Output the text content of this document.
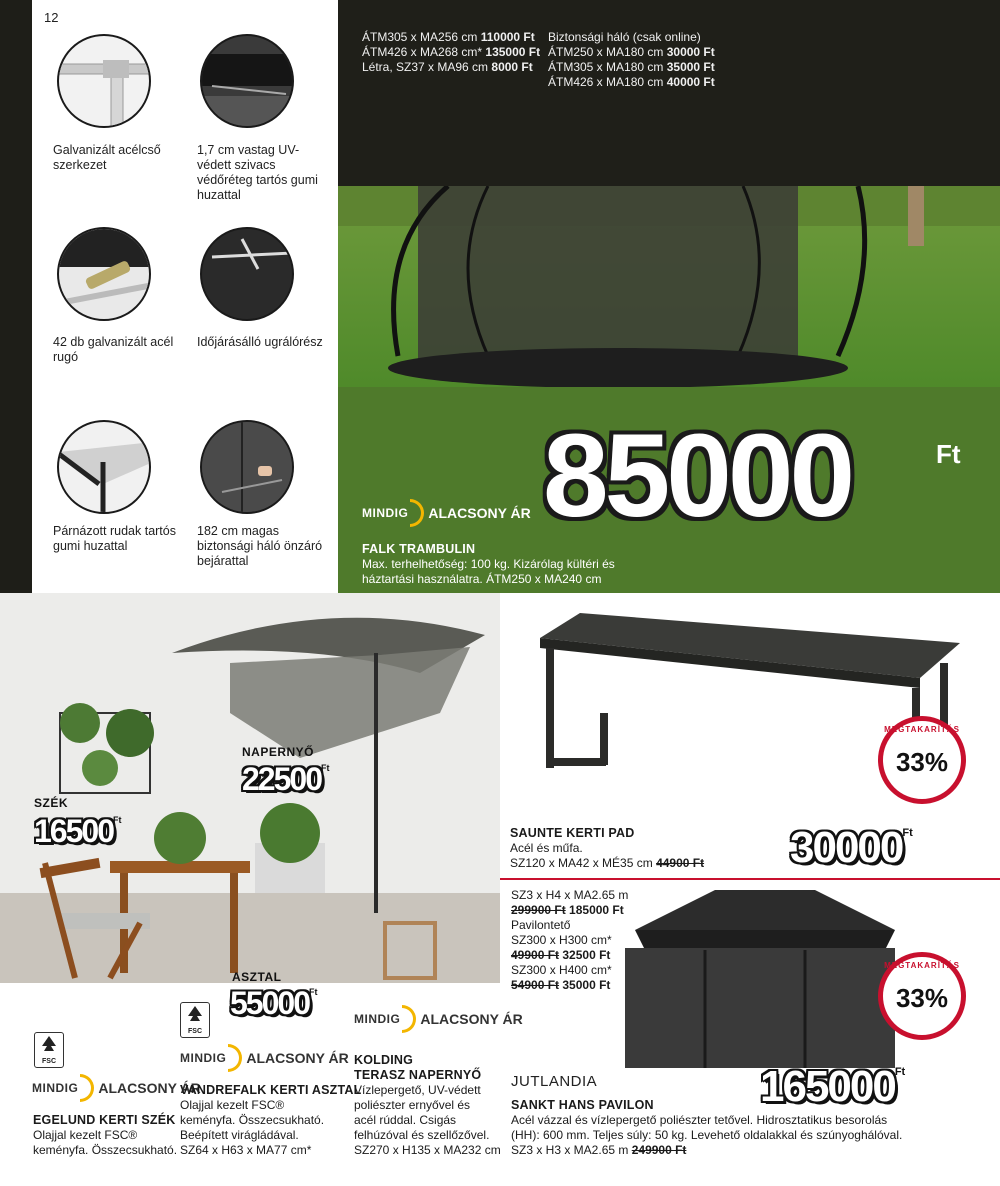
12
Galvanizált acélcső szerkezet
1,7 cm vastag UV-védett szivacs védőréteg tartós gumi huzattal
42 db galvanizált acél rugó
Időjárásálló ugrálórész
Párnázott rudak tartós gumi huzattal
182 cm magas biztonsági háló önzáró bejárattal
ÁTM305 x MA256 cm 110000 Ft
ÁTM426 x MA268 cm* 135000 Ft
Létra, SZ37 x MA96 cm 8000 Ft
Biztonsági háló (csak online)
ÁTM250 x MA180 cm 30000 Ft
ÁTM305 x MA180 cm 35000 Ft
ÁTM426 x MA180 cm 40000 Ft
85000	Ft
MINDIG ALACSONY ÁR
FALK TRAMBULIN
Max. terhelhetőség: 100 kg. Kizárólag kültéri és
háztartási használatra. ÁTM250 x MA240 cm
NAPERNYŐ
22500 Ft
SZÉK
16500 Ft
ASZTAL
55000 Ft
FSC
FSC
MINDIG ALACSONY ÁR
MINDIG ALACSONY ÁR
MINDIG ALACSONY ÁR
EGELUND KERTI SZÉK
Olajjal kezelt FSC®
keményfa. Összecsukható.
VANDREFALK KERTI ASZTAL
Olajjal kezelt FSC®
keményfa. Összecsukható.
Beépített virágládával.
SZ64 x H63 x MA77 cm*
KOLDING
TERASZ NAPERNYŐ
Vízlepergető, UV-védett
poliészter ernyővel és
acél rúddal. Csigás
felhúzóval és szellőzővel.
SZ270 x H135 x MA232 cm
SAUNTE KERTI PAD
Acél és műfa.
SZ120 x MA42 x MÉ35 cm 44900 Ft 30000 Ft
MEGTAKARÍTÁS
33%
SZ3 x H4 x MA2.65 m
299900 Ft 185000 Ft
Pavilontető
SZ300 x H300 cm*
49900 Ft 32500 Ft
SZ300 x H400 cm*
54900 Ft 35000 Ft
MEGTAKARÍTÁS
33%
JUTLANDIA	165000 Ft
SANKT HANS PAVILON
Acél vázzal és vízlepergető poliészter tetővel. Hidrosztatikus besorolás
(HH): 600 mm. Teljes súly: 50 kg. Levehető oldalakkal és szúnyoghálóval.
SZ3 x H3 x MA2.65 m 249900 Ft
